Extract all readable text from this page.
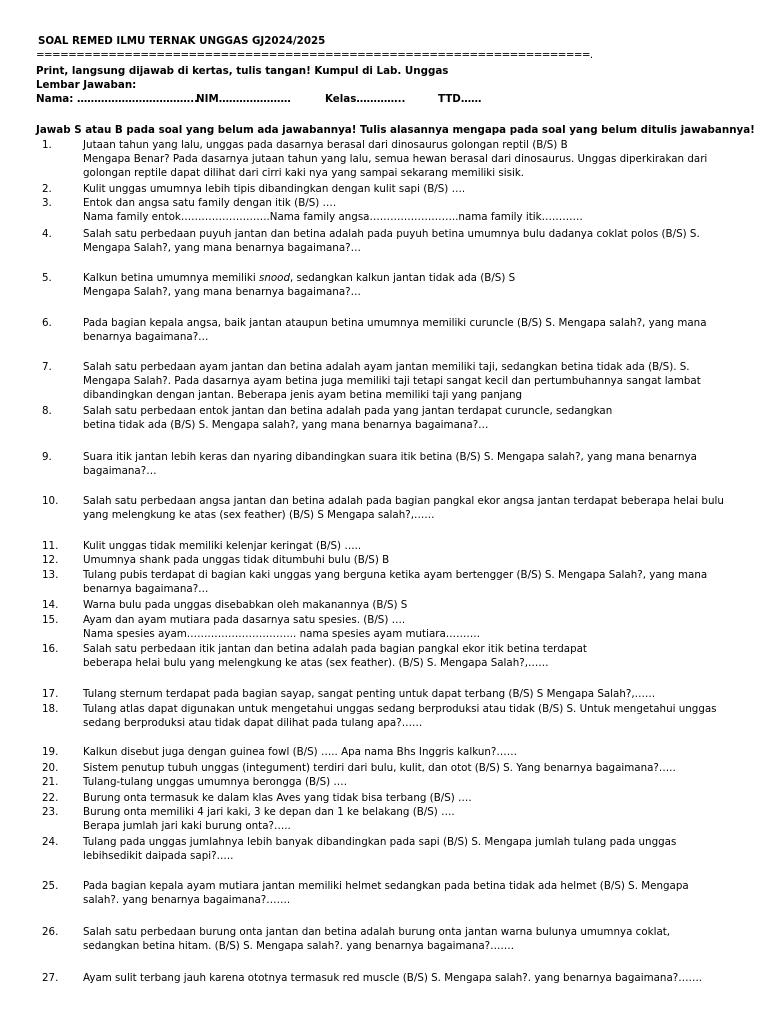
SOAL REMED ILMU TERNAK UNGGAS GJ2024/2025
=====================================================================.
Print, langsung dijawab di kertas, tulis tangan! Kumpul di Lab. Unggas
Lembar Jawaban:
Nama: ……………………………..
NIM…………………	Kelas…………..	TTD……
Jawab S atau B pada soal yang belum ada jawabannya! Tulis alasannya mengapa pada soal yang belum ditulis jawabannya!
1.	Jutaan tahun yang lalu, unggas pada dasarnya berasal dari dinosaurus golongan reptil (B/S) B
Mengapa Benar? Pada dasarnya jutaan tahun yang lalu, semua hewan berasal dari dinosaurus. Unggas diperkirakan dari
golongan reptile dapat dilihat dari cirri kaki nya yang sampai sekarang memiliki sisik.
2.	Kulit unggas umumnya lebih tipis dibandingkan dengan kulit sapi (B/S) ….
3.	Entok dan angsa satu family dengan itik (B/S) ….
Nama family entok……………………..Nama family angsa……………………..nama family itik…………
4.	Salah satu perbedaan puyuh jantan dan betina adalah pada puyuh betina umumnya bulu dadanya coklat polos (B/S) S.
Mengapa Salah?, yang mana benarnya bagaimana?…
5.	Kalkun betina umumnya memiliki snood, sedangkan kalkun jantan tidak ada (B/S) S
Mengapa Salah?, yang mana benarnya bagaimana?…
6.	Pada bagian kepala angsa, baik jantan ataupun betina umumnya memiliki curuncle (B/S) S. Mengapa salah?, yang mana
benarnya bagaimana?…
7.	Salah satu perbedaan ayam jantan dan betina adalah ayam jantan memiliki taji, sedangkan betina tidak ada (B/S). S.
Mengapa Salah?. Pada dasarnya ayam betina juga memiliki taji tetapi sangat kecil dan pertumbuhannya sangat lambat
dibandingkan dengan jantan. Beberapa jenis ayam betina memiliki taji yang panjang
8.	Salah satu perbedaan entok jantan dan betina adalah pada yang jantan terdapat curuncle, sedangkan
betina tidak ada (B/S) S. Mengapa salah?, yang mana benarnya bagaimana?…
9.	Suara itik jantan lebih keras dan nyaring dibandingkan suara itik betina (B/S) S. Mengapa salah?, yang mana benarnya
bagaimana?…
10.	Salah satu perbedaan angsa jantan dan betina adalah pada bagian pangkal ekor angsa jantan terdapat beberapa helai bulu
yang melengkung ke atas (sex feather) (B/S) S Mengapa salah?,……
11.	Kulit unggas tidak memiliki kelenjar keringat (B/S) …..
12.	Umumnya shank pada unggas tidak ditumbuhi bulu (B/S) B
13.	Tulang pubis terdapat di bagian kaki unggas yang berguna ketika ayam bertengger (B/S) S. Mengapa Salah?, yang mana
benarnya bagaimana?…
14.	Warna bulu pada unggas disebabkan oleh makanannya (B/S) S
15.	Ayam dan ayam mutiara pada dasarnya satu spesies. (B/S) ….
Nama spesies ayam………………………….. nama spesies ayam mutiara……….
16.	Salah satu perbedaan itik jantan dan betina adalah pada bagian pangkal ekor itik betina terdapat
beberapa helai bulu yang melengkung ke atas (sex feather). (B/S) S. Mengapa Salah?,……
17.	Tulang sternum terdapat pada bagian sayap, sangat penting untuk dapat terbang (B/S) S Mengapa Salah?,……
18.	Tulang atlas dapat digunakan untuk mengetahui unggas sedang berproduksi atau tidak (B/S) S. Untuk mengetahui unggas
sedang berproduksi atau tidak dapat dilihat pada tulang apa?……
19.	Kalkun disebut juga dengan guinea fowl (B/S) ….. Apa nama Bhs Inggris kalkun?……
20.	Sistem penutup tubuh unggas (integument) terdiri dari bulu, kulit, dan otot (B/S) S. Yang benarnya bagaimana?…..
21.	Tulang-tulang unggas umumnya berongga (B/S) ….
22.	Burung onta termasuk ke dalam klas Aves yang tidak bisa terbang (B/S) ….
23.	Burung onta memiliki 4 jari kaki, 3 ke depan dan 1 ke belakang (B/S) ….
Berapa jumlah jari kaki burung onta?…..
24.	Tulang pada unggas jumlahnya lebih banyak dibandingkan pada sapi (B/S) S. Mengapa jumlah tulang pada unggas
lebihsedikit daipada sapi?…..
25.	Pada bagian kepala ayam mutiara jantan memiliki helmet sedangkan pada betina tidak ada helmet (B/S) S. Mengapa
salah?. yang benarnya bagaimana?…….
26.	Salah satu perbedaan burung onta jantan dan betina adalah burung onta jantan warna bulunya umumnya coklat,
sedangkan betina hitam. (B/S) S. Mengapa salah?. yang benarnya bagaimana?…….
27.	Ayam sulit terbang jauh karena ototnya termasuk red muscle (B/S) S. Mengapa salah?. yang benarnya bagaimana?…….
